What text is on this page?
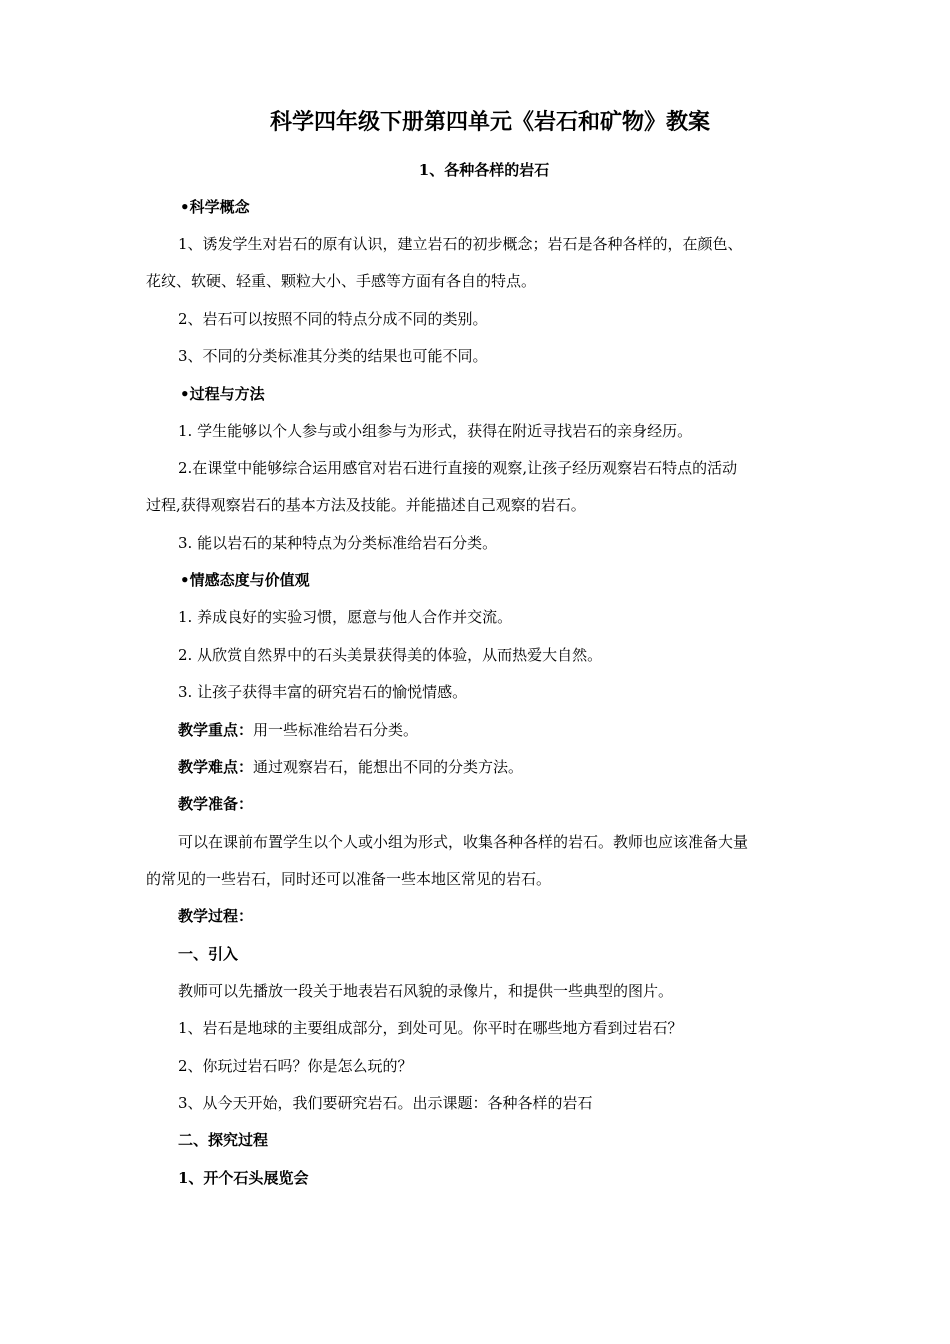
科学四年级下册第四单元《岩石和矿物》教案
1、各种各样的岩石
•科学概念
1、诱发学生对岩石的原有认识，建立岩石的初步概念；岩石是各种各样的，在颜色、
花纹、软硬、轻重、颗粒大小、手感等方面有各自的特点。
2、岩石可以按照不同的特点分成不同的类别。
3、不同的分类标准其分类的结果也可能不同。
•过程与方法
1. 学生能够以个人参与或小组参与为形式，获得在附近寻找岩石的亲身经历。
2.在课堂中能够综合运用感官对岩石进行直接的观察,让孩子经历观察岩石特点的活动
过程,获得观察岩石的基本方法及技能。并能描述自己观察的岩石。
3. 能以岩石的某种特点为分类标准给岩石分类。
•情感态度与价值观
1. 养成良好的实验习惯，愿意与他人合作并交流。
2. 从欣赏自然界中的石头美景获得美的体验，从而热爱大自然。
3. 让孩子获得丰富的研究岩石的愉悦情感。
教学重点：用一些标准给岩石分类。
教学难点：通过观察岩石，能想出不同的分类方法。
教学准备：
可以在课前布置学生以个人或小组为形式，收集各种各样的岩石。教师也应该准备大量
的常见的一些岩石，同时还可以准备一些本地区常见的岩石。
教学过程：
一、引入
教师可以先播放一段关于地表岩石风貌的录像片，和提供一些典型的图片。
1、岩石是地球的主要组成部分，到处可见。你平时在哪些地方看到过岩石？
2、你玩过岩石吗？你是怎么玩的？
3、从今天开始，我们要研究岩石。出示课题：各种各样的岩石
二、探究过程
1、开个石头展览会
